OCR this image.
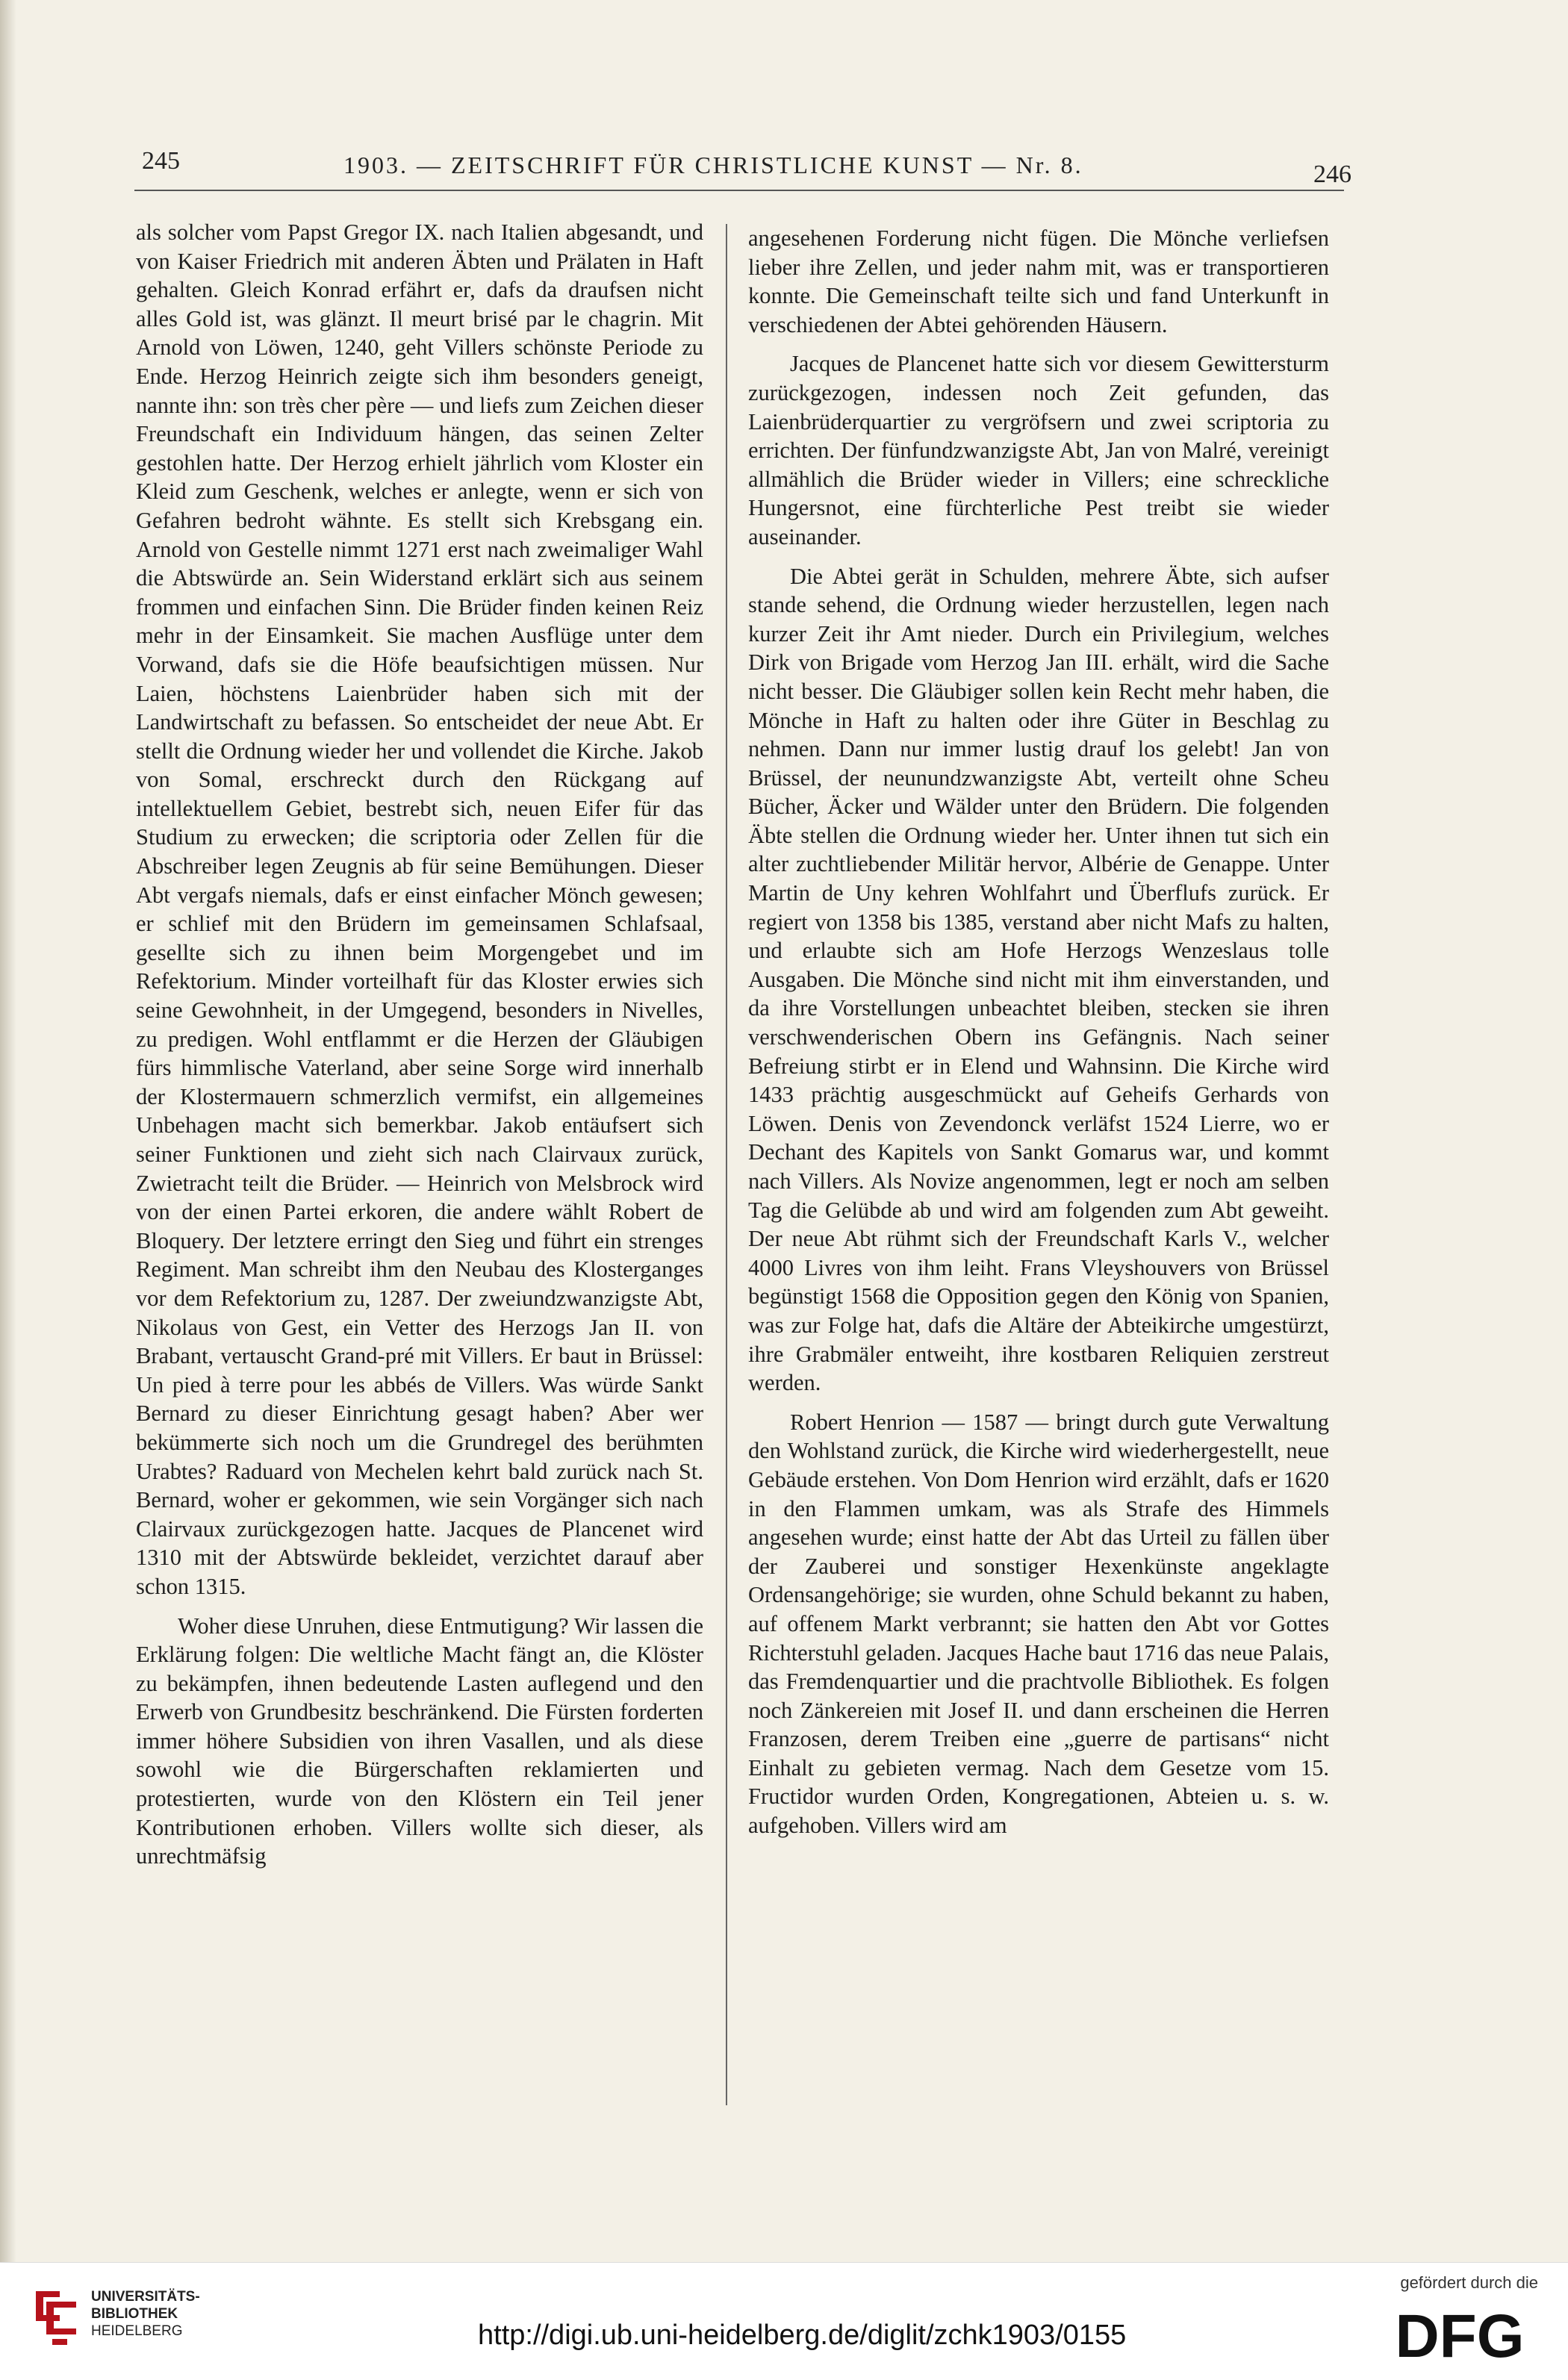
245	1903. — ZEITSCHRIFT FÜR CHRISTLICHE KUNST — Nr. 8.	246

als solcher vom Papst Gregor IX. nach Italien abgesandt, und von Kaiser Friedrich mit anderen Äbten und Prälaten in Haft gehalten. Gleich Konrad erfährt er, dafs da draufsen nicht alles Gold ist, was glänzt. Il meurt brisé par le chagrin. Mit Arnold von Löwen, 1240, geht Villers schönste Periode zu Ende. Herzog Heinrich zeigte sich ihm besonders geneigt, nannte ihn: son très cher père — und liefs zum Zeichen dieser Freundschaft ein Individuum hängen, das seinen Zelter gestohlen hatte. Der Herzog erhielt jährlich vom Kloster ein Kleid zum Geschenk, welches er anlegte, wenn er sich von Gefahren bedroht wähnte. Es stellt sich Krebsgang ein. Arnold von Gestelle nimmt 1271 erst nach zweimaliger Wahl die Abtswürde an. Sein Widerstand erklärt sich aus seinem frommen und einfachen Sinn. Die Brüder finden keinen Reiz mehr in der Einsamkeit. Sie machen Ausflüge unter dem Vorwand, dafs sie die Höfe beaufsichtigen müssen. Nur Laien, höchstens Laienbrüder haben sich mit der Landwirtschaft zu befassen. So entscheidet der neue Abt. Er stellt die Ordnung wieder her und vollendet die Kirche. Jakob von Somal, erschreckt durch den Rückgang auf intellektuellem Gebiet, bestrebt sich, neuen Eifer für das Studium zu erwecken; die scriptoria oder Zellen für die Abschreiber legen Zeugnis ab für seine Bemühungen. Dieser Abt vergafs niemals, dafs er einst einfacher Mönch gewesen; er schlief mit den Brüdern im gemeinsamen Schlafsaal, gesellte sich zu ihnen beim Morgengebet und im Refektorium. Minder vorteilhaft für das Kloster erwies sich seine Gewohnheit, in der Umgegend, besonders in Nivelles, zu predigen. Wohl entflammt er die Herzen der Gläubigen fürs himmlische Vaterland, aber seine Sorge wird innerhalb der Klostermauern schmerzlich vermifst, ein allgemeines Unbehagen macht sich bemerkbar. Jakob entäufsert sich seiner Funktionen und zieht sich nach Clairvaux zurück, Zwietracht teilt die Brüder. — Heinrich von Melsbrock wird von der einen Partei erkoren, die andere wählt Robert de Bloquery. Der letztere erringt den Sieg und führt ein strenges Regiment. Man schreibt ihm den Neubau des Klosterganges vor dem Refektorium zu, 1287. Der zweiundzwanzigste Abt, Nikolaus von Gest, ein Vetter des Herzogs Jan II. von Brabant, vertauscht Grand-pré mit Villers. Er baut in Brüssel: Un pied à terre pour les abbés de Villers. Was würde Sankt Bernard zu dieser Einrichtung gesagt haben? Aber wer bekümmerte sich noch um die Grundregel des berühmten Urabtes? Raduard von Mechelen kehrt bald zurück nach St. Bernard, woher er gekommen, wie sein Vorgänger sich nach Clairvaux zurückgezogen hatte. Jacques de Plancenet wird 1310 mit der Abtswürde bekleidet, verzichtet darauf aber schon 1315.

Woher diese Unruhen, diese Entmutigung? Wir lassen die Erklärung folgen: Die weltliche Macht fängt an, die Klöster zu bekämpfen, ihnen bedeutende Lasten auflegend und den Erwerb von Grundbesitz beschränkend. Die Fürsten forderten immer höhere Subsidien von ihren Vasallen, und als diese sowohl wie die Bürgerschaften reklamierten und protestierten, wurde von den Klöstern ein Teil jener Kontributionen erhoben. Villers wollte sich dieser, als unrechtmäfsig

angesehenen Forderung nicht fügen. Die Mönche verliefsen lieber ihre Zellen, und jeder nahm mit, was er transportieren konnte. Die Gemeinschaft teilte sich und fand Unterkunft in verschiedenen der Abtei gehörenden Häusern.

Jacques de Plancenet hatte sich vor diesem Gewittersturm zurückgezogen, indessen noch Zeit gefunden, das Laienbrüderquartier zu vergröfsern und zwei scriptoria zu errichten. Der fünfundzwanzigste Abt, Jan von Malré, vereinigt allmählich die Brüder wieder in Villers; eine schreckliche Hungersnot, eine fürchterliche Pest treibt sie wieder auseinander.

Die Abtei gerät in Schulden, mehrere Äbte, sich aufser stande sehend, die Ordnung wieder herzustellen, legen nach kurzer Zeit ihr Amt nieder. Durch ein Privilegium, welches Dirk von Brigade vom Herzog Jan III. erhält, wird die Sache nicht besser. Die Gläubiger sollen kein Recht mehr haben, die Mönche in Haft zu halten oder ihre Güter in Beschlag zu nehmen. Dann nur immer lustig drauf los gelebt! Jan von Brüssel, der neunundzwanzigste Abt, verteilt ohne Scheu Bücher, Äcker und Wälder unter den Brüdern. Die folgenden Äbte stellen die Ordnung wieder her. Unter ihnen tut sich ein alter zuchtliebender Militär hervor, Albérie de Genappe. Unter Martin de Uny kehren Wohlfahrt und Überflufs zurück. Er regiert von 1358 bis 1385, verstand aber nicht Mafs zu halten, und erlaubte sich am Hofe Herzogs Wenzeslaus tolle Ausgaben. Die Mönche sind nicht mit ihm einverstanden, und da ihre Vorstellungen unbeachtet bleiben, stecken sie ihren verschwenderischen Obern ins Gefängnis. Nach seiner Befreiung stirbt er in Elend und Wahnsinn. Die Kirche wird 1433 prächtig ausgeschmückt auf Geheifs Gerhards von Löwen. Denis von Zevendonck verläfst 1524 Lierre, wo er Dechant des Kapitels von Sankt Gomarus war, und kommt nach Villers. Als Novize angenommen, legt er noch am selben Tag die Gelübde ab und wird am folgenden zum Abt geweiht. Der neue Abt rühmt sich der Freundschaft Karls V., welcher 4000 Livres von ihm leiht. Frans Vleyshouvers von Brüssel begünstigt 1568 die Opposition gegen den König von Spanien, was zur Folge hat, dafs die Altäre der Abteikirche umgestürzt, ihre Grabmäler entweiht, ihre kostbaren Reliquien zerstreut werden.

Robert Henrion — 1587 — bringt durch gute Verwaltung den Wohlstand zurück, die Kirche wird wiederhergestellt, neue Gebäude erstehen. Von Dom Henrion wird erzählt, dafs er 1620 in den Flammen umkam, was als Strafe des Himmels angesehen wurde; einst hatte der Abt das Urteil zu fällen über der Zauberei und sonstiger Hexenkünste angeklagte Ordensangehörige; sie wurden, ohne Schuld bekannt zu haben, auf offenem Markt verbrannt; sie hatten den Abt vor Gottes Richterstuhl geladen. Jacques Hache baut 1716 das neue Palais, das Fremdenquartier und die prachtvolle Bibliothek. Es folgen noch Zänkereien mit Josef II. und dann erscheinen die Herren Franzosen, derem Treiben eine „guerre de partisans“ nicht Einhalt zu gebieten vermag. Nach dem Gesetze vom 15. Fructidor wurden Orden, Kongregationen, Abteien u. s. w. aufgehoben. Villers wird am

UNIVERSITÄTS-
BIBLIOTHEK
HEIDELBERG	http://digi.ub.uni-heidelberg.de/diglit/zchk1903/0155
gefördert durch die
DFG
